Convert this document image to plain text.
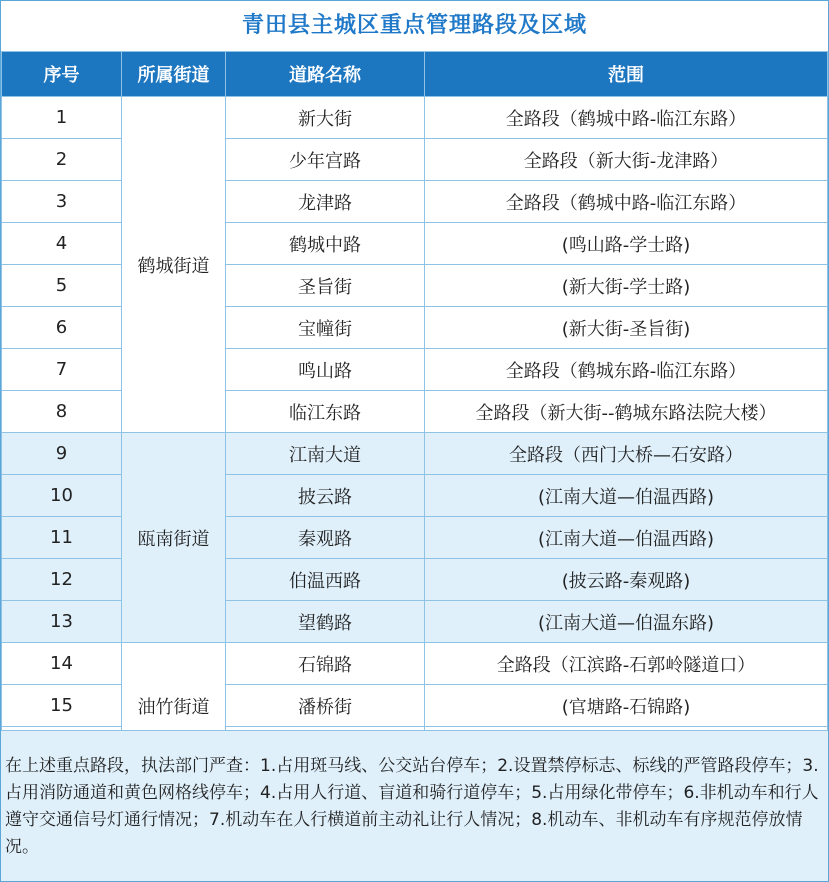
青田县主城区重点管理路段及区域
序号	所属街道	道路名称	范围
1	鹤城街道	新大街	全路段（鹤城中路-临江东路）
2		少年宫路	全路段（新大街-龙津路）
3		龙津路	全路段（鹤城中路-临江东路）
4		鹤城中路	(鸣山路-学士路)
5		圣旨街	(新大街-学士路)
6		宝幢街	(新大街-圣旨街)
7		鸣山路	全路段（鹤城东路-临江东路）
8		临江东路	全路段（新大街--鹤城东路法院大楼）
9	瓯南街道	江南大道	全路段（西门大桥—石安路）
10		披云路	(江南大道—伯温西路)
11		秦观路	(江南大道—伯温西路)
12		伯温西路	(披云路-秦观路)
13		望鹤路	(江南大道—伯温东路)
14	油竹街道	石锦路	全路段（江滨路-石郭岭隧道口）
15		潘桥街	(官塘路-石锦路)

在上述重点路段，执法部门严查：1.占用斑马线、公交站台停车；2.设置禁停标志、标线的严管路段停车；3.占用消防通道和黄色网格线停车；4.占用人行道、盲道和骑行道停车；5.占用绿化带停车；6.非机动车和行人遵守交通信号灯通行情况；7.机动车在人行横道前主动礼让行人情况；8.机动车、非机动车有序规范停放情况。
